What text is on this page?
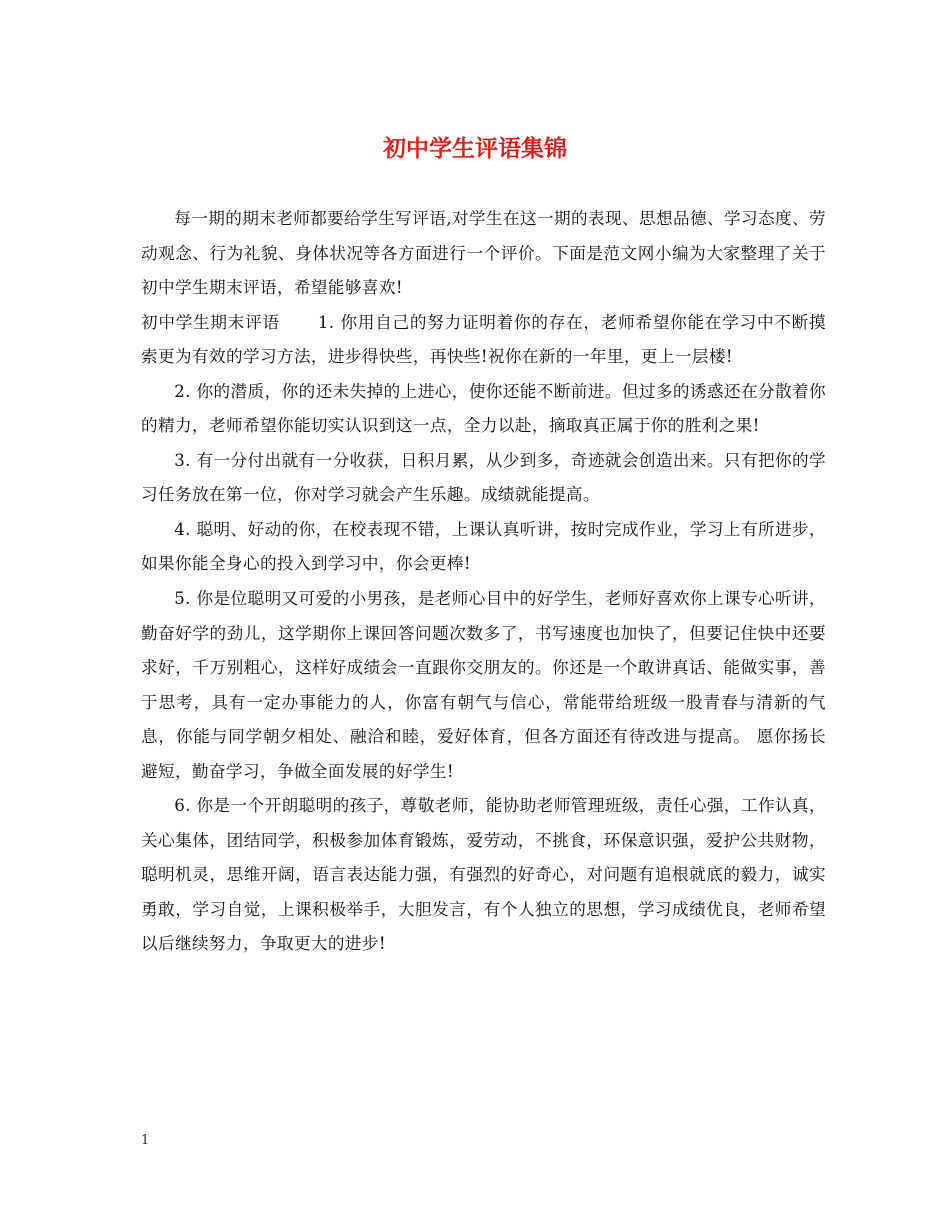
初中学生评语集锦

每一期的期末老师都要给学生写评语,对学生在这一期的表现、思想品德、学习态度、劳动观念、行为礼貌、身体状况等各方面进行一个评价。下面是范文网小编为大家整理了关于初中学生期末评语，希望能够喜欢!

初中学生期末评语 1. 你用自己的努力证明着你的存在，老师希望你能在学习中不断摸索更为有效的学习方法，进步得快些，再快些!祝你在新的一年里，更上一层楼!

2. 你的潜质，你的还未失掉的上进心，使你还能不断前进。但过多的诱惑还在分散着你的精力，老师希望你能切实认识到这一点，全力以赴，摘取真正属于你的胜利之果!

3. 有一分付出就有一分收获，日积月累，从少到多，奇迹就会创造出来。只有把你的学习任务放在第一位，你对学习就会产生乐趣。成绩就能提高。

4. 聪明、好动的你，在校表现不错，上课认真听讲，按时完成作业，学习上有所进步，如果你能全身心的投入到学习中，你会更棒!

5. 你是位聪明又可爱的小男孩，是老师心目中的好学生，老师好喜欢你上课专心听讲，勤奋好学的劲儿，这学期你上课回答问题次数多了，书写速度也加快了，但要记住快中还要求好，千万别粗心，这样好成绩会一直跟你交朋友的。你还是一个敢讲真话、能做实事，善于思考，具有一定办事能力的人，你富有朝气与信心，常能带给班级一股青春与清新的气息，你能与同学朝夕相处、融洽和睦，爱好体育，但各方面还有待改进与提高。 愿你扬长避短，勤奋学习，争做全面发展的好学生!

6. 你是一个开朗聪明的孩子，尊敬老师，能协助老师管理班级，责任心强，工作认真，关心集体，团结同学，积极参加体育锻炼，爱劳动，不挑食，环保意识强，爱护公共财物，聪明机灵，思维开阔，语言表达能力强，有强烈的好奇心，对问题有追根就底的毅力，诚实勇敢，学习自觉，上课积极举手，大胆发言，有个人独立的思想，学习成绩优良，老师希望以后继续努力，争取更大的进步!

1
